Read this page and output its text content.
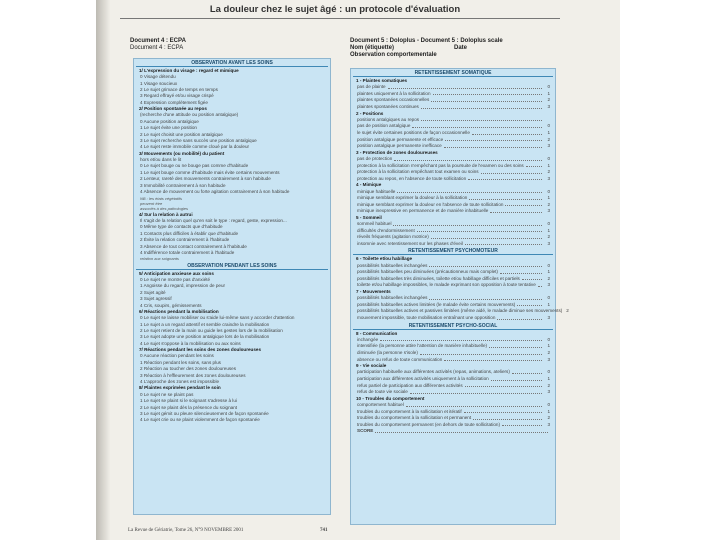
La douleur chez le sujet âgé : un protocole d'évaluation
Document 4 : ECPA
Document 4 : ECPA
Document 5 : Doloplus - Document 5 : Doloplus scale
Nom (étiquette)	Date
Observation comportementale
OBSERVATION AVANT LES SOINS
1/ L'expression du visage : regard et mimique
0 Visage détendu
1 Visage soucieux
2 Le sujet grimace de temps en temps
3 Regard effrayé et/ou visage crispé
4 Expression complètement figée
2/ Position spontanée au repos
(recherche d'une attitude ou position antalgique)
0 Aucune position antalgique
1 Le sujet évite une position
2 Le sujet choisit une position antalgique
3 Le sujet recherche sans succès une position antalgique
4 Le sujet reste immobile comme cloué par la douleur
3/ Mouvements (ou mobilité) du patient
hors et/ou dans le lit
0 Le sujet bouge ou ne bouge pas comme d'habitude
1 Le sujet bouge comme d'habitude mais évite certains mouvements
2 Lenteur, rareté des mouvements contrairement à son habitude
3 Immobilité contrairement à son habitude
4 Absence de mouvement ou forte agitation contrairement à son habitude
NB : les états végétatifs
peuvent être
associés à des pathologies
4/ Sur la relation à autrui
Il s'agit de la relation quel qu'en soit le type : regard, geste, expression...
0 Même type de contacts que d'habitude
1 Contacts plus difficiles à établir que d'habitude
2 Évite la relation contrairement à l'habitude
3 Absence de tout contact contrairement à l'habitude
4 Indifférence totale contrairement à l'habitude
relation aux soignants
OBSERVATION PENDANT LES SOINS
5/ Anticipation anxieuse aux soins
0 Le sujet ne montre pas d'anxiété
1 Angoisse du regard, impression de peur
2 Sujet agité
3 Sujet agressif
4 Cris, soupirs, gémissements
6/ Réactions pendant la mobilisation
0 Le sujet se laisse mobiliser ou s'aide lui-même sans y accorder d'attention
1 Le sujet a un regard attentif et semble craindre la mobilisation
2 Le sujet retient de la main ou guide les gestes lors de la mobilisation
3 Le sujet adopte une position antalgique lors de la mobilisation
4 Le sujet s'oppose à la mobilisation ou aux soins
7/ Réactions pendant les soins des zones douloureuses
0 Aucune réaction pendant les soins
1 Réaction pendant les soins, sans plus
2 Réaction au toucher des zones douloureuses
3 Réaction à l'effleurement des zones douloureuses
4 L'approche des zones est impossible
8/ Plaintes exprimées pendant le soin
0 Le sujet ne se plaint pas
1 Le sujet se plaint si le soignant s'adresse à lui
2 Le sujet se plaint dès la présence du soignant
3 Le sujet gémit ou pleure silencieusement de façon spontanée
4 Le sujet crie ou se plaint violemment de façon spontanée
RETENTISSEMENT SOMATIQUE
1 - Plaintes somatiques
pas de plainte	0
plaintes uniquement à la sollicitation	1
plaintes spontanées occasionnelles	2
plaintes spontanées continues	3
2 - Positions
positions antalgiques au repos
pas de position antalgique	0
le sujet évite certaines positions de façon occasionnelle	1
position antalgique permanente et efficace	2
position antalgique permanente inefficace	3
3 - Protection de zones douloureuses
pas de protection	0
protection à la sollicitation n'empêchant pas la poursuite de l'examen ou des soins	1
protection à la sollicitation empêchant tout examen ou soins	2
protection au repos, en l'absence de toute sollicitation	3
4 - Mimique
mimique habituelle	0
mimique semblant exprimer la douleur à la sollicitation	1
mimique semblant exprimer la douleur en l'absence de toute sollicitation	2
mimique inexpressive en permanence et de manière inhabituelle	3
5 - Sommeil
sommeil habituel	0
difficultés d'endormissement	1
réveils fréquents (agitation motrice)	2
insomnie avec retentissement sur les phases d'éveil	3
RETENTISSEMENT PSYCHOMOTEUR
6 - Toilette et/ou habillage
possibilités habituelles inchangées	0
possibilités habituelles peu diminuées (précautionneux mais complet)	1
possibilités habituelles très diminuées, toilette et/ou habillage difficiles et partiels	2
toilette et/ou habillage impossibles, le malade exprimant son opposition à toute tentative	3
7 - Mouvements
possibilités habituelles inchangées	0
possibilités habituelles actives limitées (le malade évite certains mouvements)	1
possibilités habituelles actives et passives limitées (même aidé, le malade diminue ses mouvements) 2
mouvement impossible, toute mobilisation entraînant une opposition	3
RETENTISSEMENT PSYCHO-SOCIAL
8 - Communication
inchangée	0
intensifiée (la personne attire l'attention de manière inhabituelle)	1
diminuée (la personne s'isole)	2
absence ou refus de toute communication	3
9 - Vie sociale
participation habituelle aux différentes activités (repas, animations, ateliers)	0
participation aux différentes activités uniquement à la sollicitation	1
refus partiel de participation aux différentes activités	2
refus de toute vie sociale	3
10 - Troubles du comportement
comportement habituel	0
troubles du comportement à la sollicitation et itératif	1
troubles du comportement à la sollicitation et permanent	2
troubles du comportement permanent (en dehors de toute sollicitation)	3
SCORE
La Revue de Gériatrie, Tome 26, N°9 NOVEMBRE 2001	741
